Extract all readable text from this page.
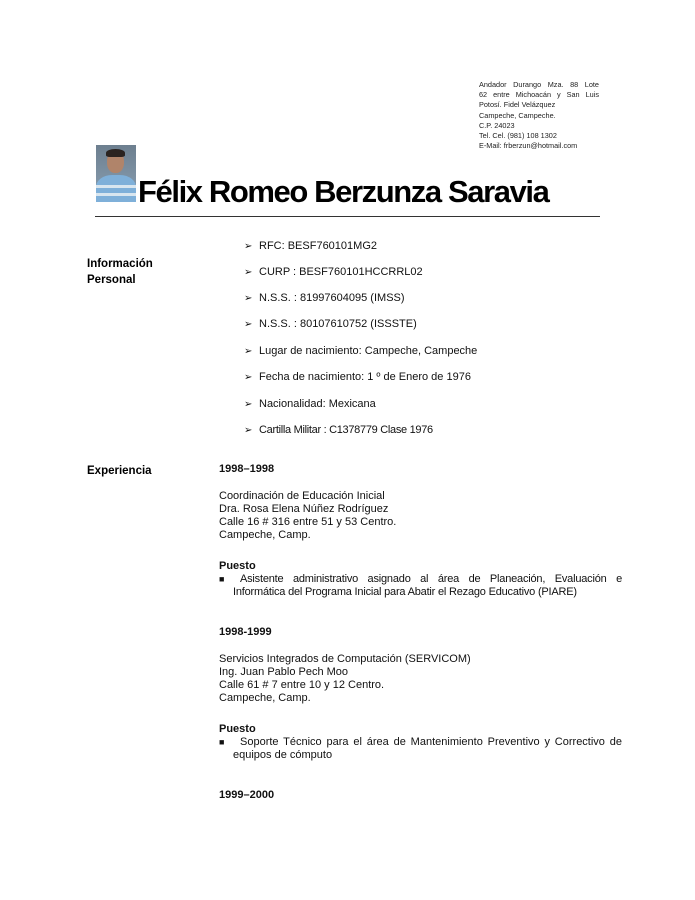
Andador Durango Mza. 88 Lote
62 entre Michoacán y San Luis
Potosí. Fidel Velázquez
Campeche, Campeche.
C.P. 24023
Tel. Cel. (981) 108 1302
E-Mail: frberzun@hotmail.com
Félix Romeo Berzunza Saravia
Información
Personal
➢ RFC: BESF760101MG2
➢ CURP : BESF760101HCCRRL02
➢ N.S.S. : 81997604095 (IMSS)
➢ N.S.S. : 80107610752 (ISSSTE)
➢ Lugar de nacimiento: Campeche, Campeche
➢ Fecha de nacimiento: 1 º de Enero de 1976
➢ Nacionalidad: Mexicana
➢ Cartilla Militar : C1378779 Clase 1976
Experiencia	1998–1998
Coordinación de Educación Inicial
Dra. Rosa Elena Núñez Rodríguez
Calle 16 # 316 entre 51 y 53 Centro.
Campeche, Camp.
Puesto
■ Asistente administrativo asignado al área de Planeación, Evaluación e Informática del Programa Inicial para Abatir el Rezago Educativo (PIARE)
1998-1999
Servicios Integrados de Computación (SERVICOM)
Ing. Juan Pablo Pech Moo
Calle 61 # 7 entre 10 y 12 Centro.
Campeche, Camp.
Puesto
■ Soporte Técnico para el área de Mantenimiento Preventivo y Correctivo de equipos de cómputo
1999–2000
